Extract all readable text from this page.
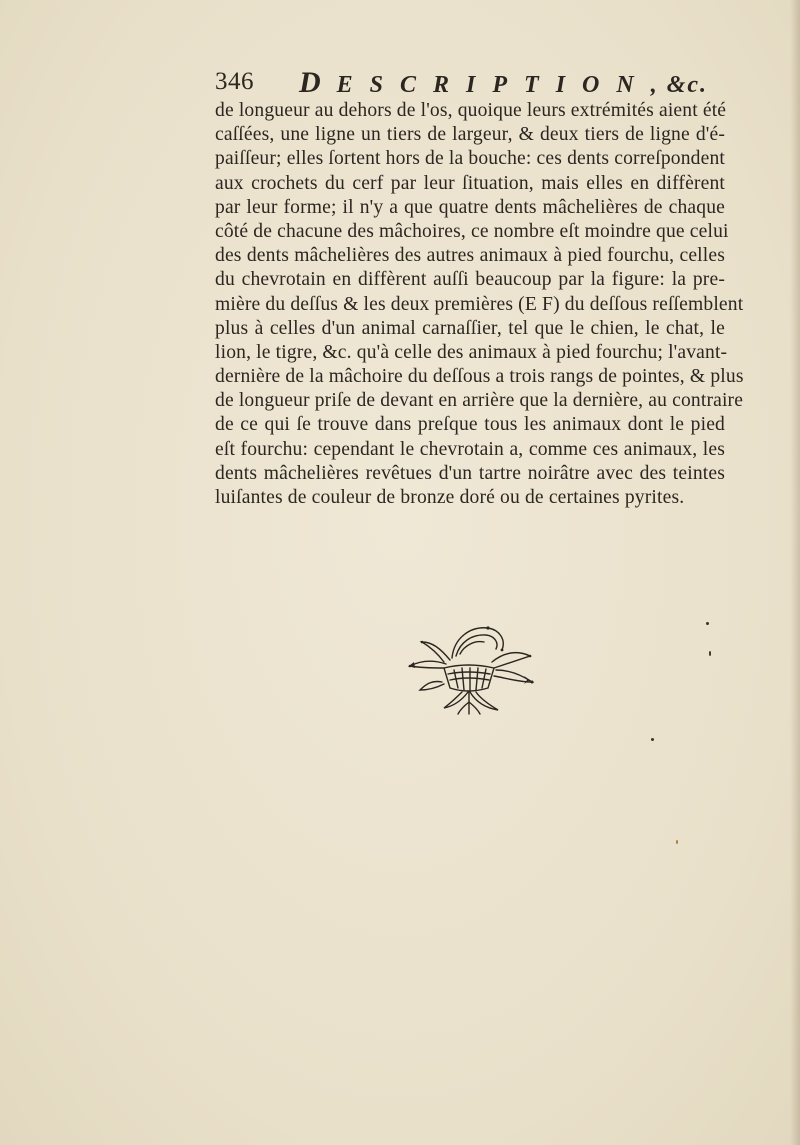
346 DESCRIPTION, &c.
de longueur au dehors de l'os, quoique leurs extrémités aient été
caſſées, une ligne un tiers de largeur, & deux tiers de ligne d'é-
paiſſeur; elles ſortent hors de la bouche: ces dents correſpondent
aux crochets du cerf par leur ſituation, mais elles en diffèrent
par leur forme; il n'y a que quatre dents mâchelières de chaque
côté de chacune des mâchoires, ce nombre eſt moindre que celui
des dents mâchelières des autres animaux à pied fourchu, celles
du chevrotain en diffèrent auſſi beaucoup par la figure: la pre-
mière du deſſus & les deux premières (E F) du deſſous reſſemblent
plus à celles d'un animal carnaſſier, tel que le chien, le chat, le
lion, le tigre, &c. qu'à celle des animaux à pied fourchu; l'avant-
dernière de la mâchoire du deſſous a trois rangs de pointes, & plus
de longueur priſe de devant en arrière que la dernière, au contraire
de ce qui ſe trouve dans preſque tous les animaux dont le pied
eſt fourchu: cependant le chevrotain a, comme ces animaux, les
dents mâchelières revêtues d'un tartre noirâtre avec des teintes
luiſantes de couleur de bronze doré ou de certaines pyrites.
